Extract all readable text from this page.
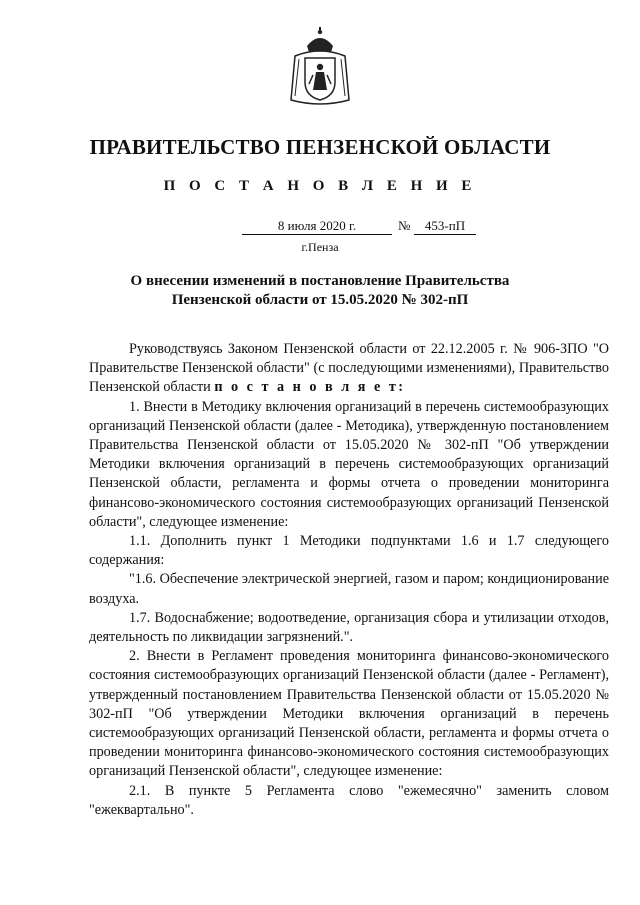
ПРАВИТЕЛЬСТВО ПЕНЗЕНСКОЙ ОБЛАСТИ
П О С Т А Н О В Л Е Н И Е
8 июля 2020 г.	№	453-пП
г.Пенза
О внесении изменений в постановление Правительства
Пензенской области от 15.05.2020 № 302-пП

Руководствуясь Законом Пензенской области от 22.12.2005 г. № 906-ЗПО "О Правительстве Пензенской области" (с последующими изменениями), Правительство Пензенской области п о с т а н о в л я е т:

1. Внести в Методику включения организаций в перечень системообразующих организаций Пензенской области (далее - Методика), утвержденную постановлением Правительства Пензенской области от 15.05.2020 № 302-пП "Об утверждении Методики включения организаций в перечень системообразующих организаций Пензенской области, регламента и формы отчета о проведении мониторинга финансово-экономического состояния системообразующих организаций Пензенской области", следующее изменение:

1.1. Дополнить пункт 1 Методики подпунктами 1.6 и 1.7 следующего содержания:

"1.6. Обеспечение электрической энергией, газом и паром; кондиционирование воздуха.

1.7. Водоснабжение; водоотведение, организация сбора и утилизации отходов, деятельность по ликвидации загрязнений.".

2. Внести в Регламент проведения мониторинга финансово-экономического состояния системообразующих организаций Пензенской области (далее - Регламент), утвержденный постановлением Правительства Пензенской области от 15.05.2020 № 302-пП "Об утверждении Методики включения организаций в перечень системообразующих организаций Пензенской области, регламента и формы отчета о проведении мониторинга финансово-экономического состояния системообразующих организаций Пензенской области", следующее изменение:

2.1. В пункте 5 Регламента слово "ежемесячно" заменить словом "ежеквартально".
